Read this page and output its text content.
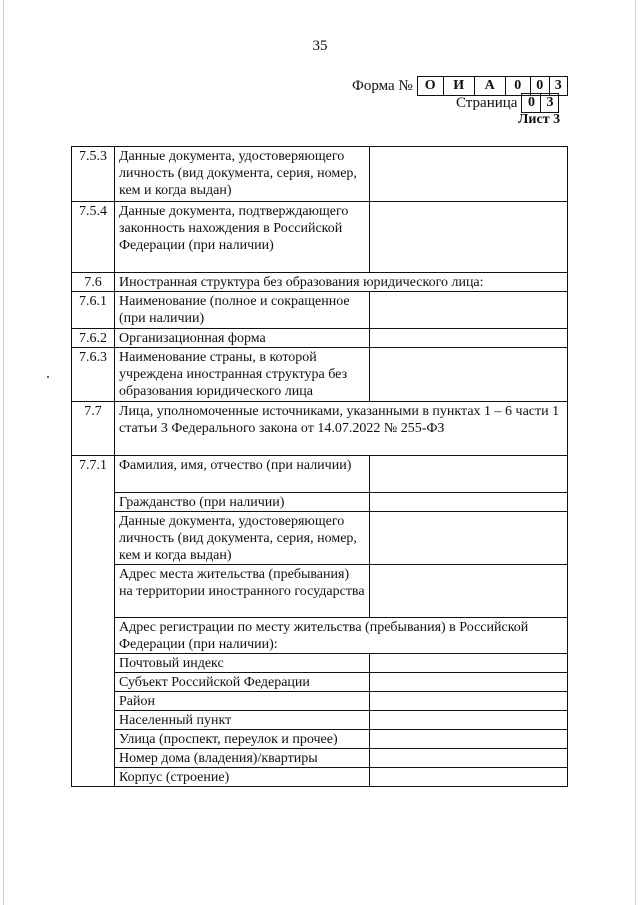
35
Форма № О	И	А	0	0 3
Страница 0 3
Лист 3
7.5.3	Данные документа, удостоверяющего личность (вид документа, серия, номер, кем и когда выдан)	
7.5.4	Данные документа, подтверждающего законность нахождения в Российской Федерации (при наличии)	
7.6	Иностранная структура без образования юридического лица:	
7.6.1	Наименование (полное и сокращенное (при наличии)	
7.6.2	Организационная форма	
7.6.3	Наименование страны, в которой учреждена иностранная структура без образования юридического лица	
7.7	Лица, уполномоченные источниками, указанными в пунктах 1 – 6 части 1 статьи 3 Федерального закона от 14.07.2022 № 255-ФЗ	
7.7.1	Фамилия, имя, отчество (при наличии)	
	Гражданство (при наличии)	
	Данные документа, удостоверяющего личность (вид документа, серия, номер, кем и когда выдан)	
	Адрес места жительства (пребывания) на территории иностранного государства	
	Адрес регистрации по месту жительства (пребывания) в Российской Федерации (при наличии):	
	Почтовый индекс	
	Субъект Российской Федерации	
	Район	
	Населенный пункт	
	Улица (проспект, переулок и прочее)	
	Номер дома (владения)/квартиры	
	Корпус (строение)	
